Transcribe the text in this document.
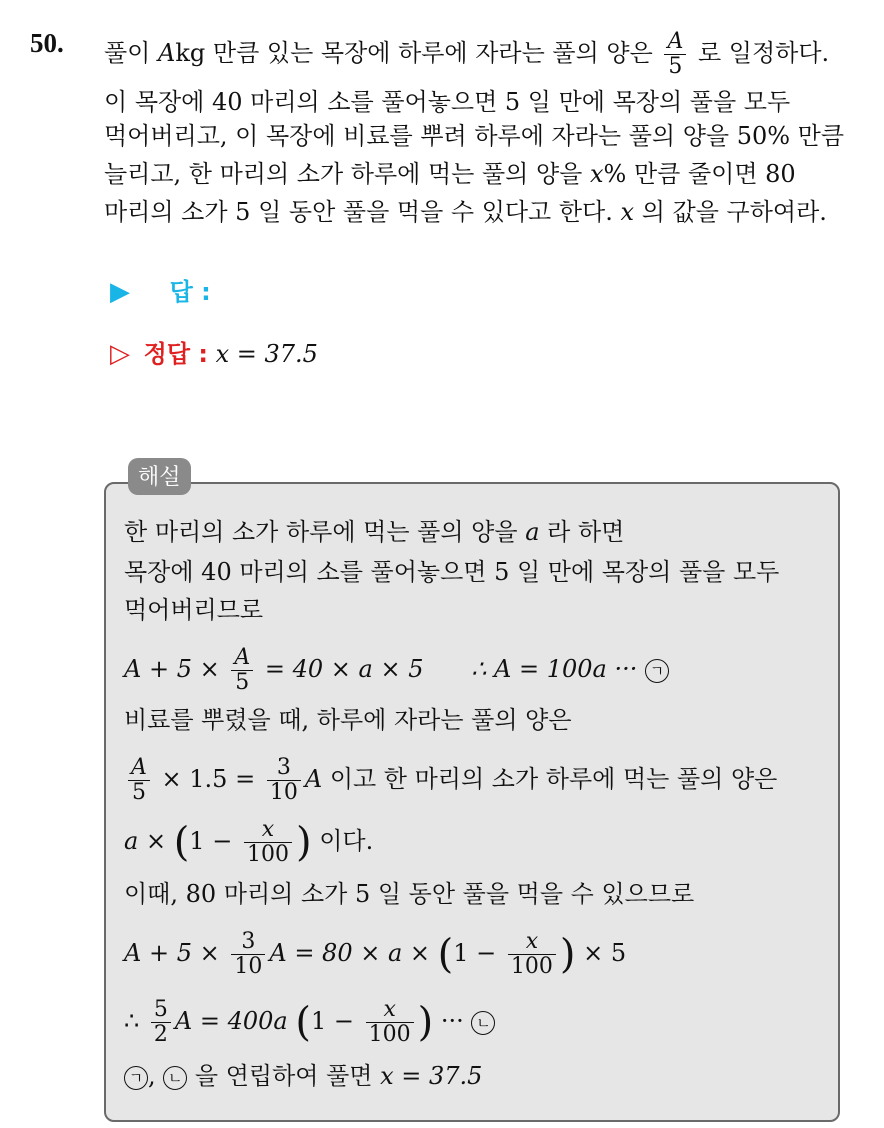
50. 풀이 Akg 만큼 있는 목장에 하루에 자라는 풀의 양은 $\frac{A}{5}$ 로 일정하다.
이 목장에 40 마리의 소를 풀어놓으면 5 일 만에 목장의 풀을 모두
먹어버리고, 이 목장에 비료를 뿌려 하루에 자라는 풀의 양을 50% 만큼
늘리고, 한 마리의 소가 하루에 먹는 풀의 양을 x% 만큼 줄이면 80
마리의 소가 5 일 동안 풀을 먹을 수 있다고 한다. x 의 값을 구하여라.
▶ 답 :
▷ 정답 : x = 37.5
해설
한 마리의 소가 하루에 먹는 풀의 양을 a 라 하면
목장에 40 마리의 소를 풀어놓으면 5 일 만에 목장의 풀을 모두
먹어버리므로
$A + 5 \times \frac{A}{5} = 40 \times a \times 5$ ∴ A = 100a ··· ㄱ
비료를 뿌렸을 때, 하루에 자라는 풀의 양은
$\frac{A}{5} \times 1.5 = \frac{3}{10}$ A 이고 한 마리의 소가 하루에 먹는 풀의 양은
$a \times (1 - \frac{x}{100}$ ) 이다.
이때, 80 마리의 소가 5 일 동안 풀을 먹을 수 있으므로
$A + 5 \times \frac{3}{10}$ $A = 80 \times a \times (1 - \frac{x}{100}$ ) × 5
∴ $\frac{5}{2}$ A = 400a ($1 - \frac{x}{100}$ ) ··· ㄴ
ㄱ , ㄴ 을 연립하여 풀면 x = 37.5
